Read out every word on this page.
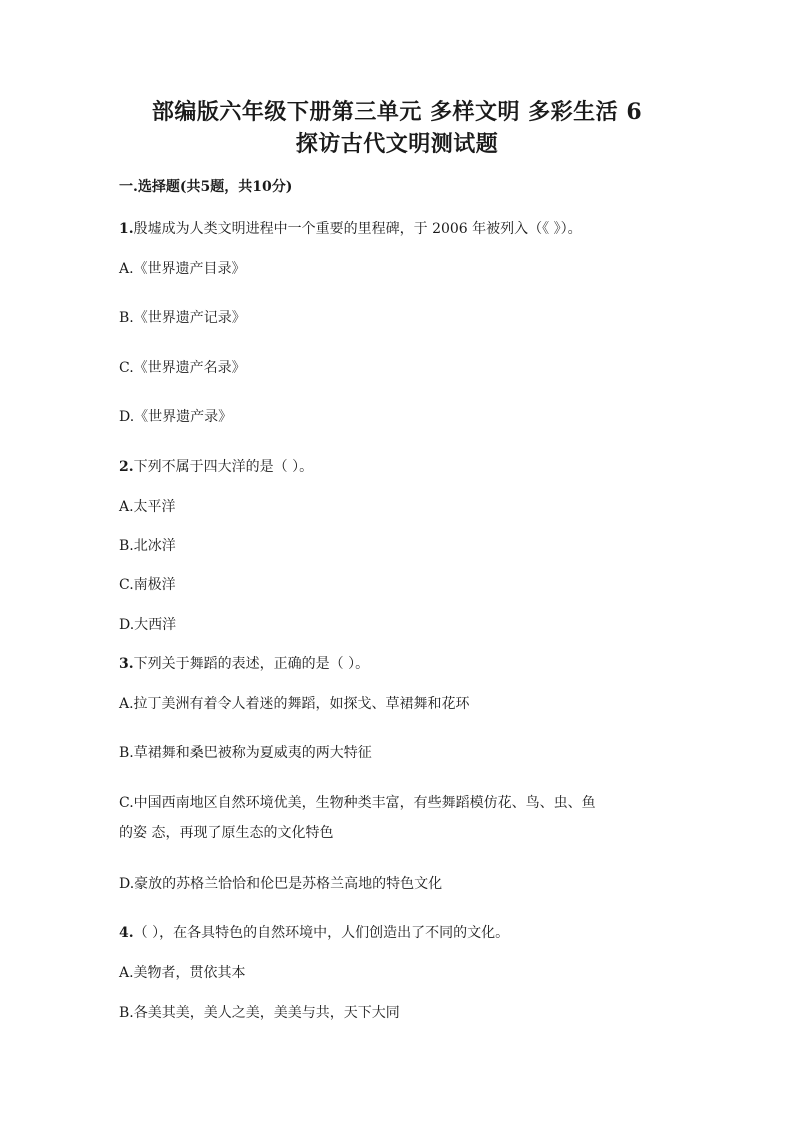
部编版六年级下册第三单元 多样文明 多彩生活 6
探访古代文明测试题
一.选择题(共5题，共10分)
1.殷墟成为人类文明进程中一个重要的里程碑，于 2006 年被列入（《 》）。
A.《世界遗产目录》
B.《世界遗产记录》
C.《世界遗产名录》
D.《世界遗产录》
2.下列不属于四大洋的是（ ）。
A.太平洋
B.北冰洋
C.南极洋
D.大西洋
3.下列关于舞蹈的表述，正确的是（ ）。
A.拉丁美洲有着令人着迷的舞蹈，如探戈、草裙舞和花环
B.草裙舞和桑巴被称为夏威夷的两大特征
C.中国西南地区自然环境优美，生物种类丰富，有些舞蹈模仿花、鸟、虫、鱼
的姿 态，再现了原生态的文化特色
D.豪放的苏格兰恰恰和伦巴是苏格兰高地的特色文化
4.（ ），在各具特色的自然环境中，人们创造出了不同的文化。
A.美物者，贯依其本
B.各美其美，美人之美，美美与共，天下大同
